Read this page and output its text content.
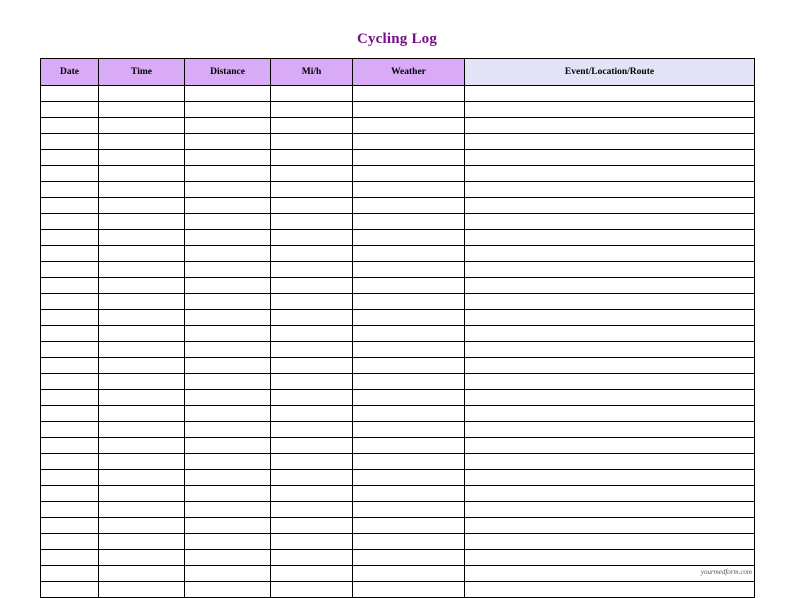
Cycling Log
Date	Time	Distance	Mi/h	Weather	Event/Location/Route

yourmedform.com
